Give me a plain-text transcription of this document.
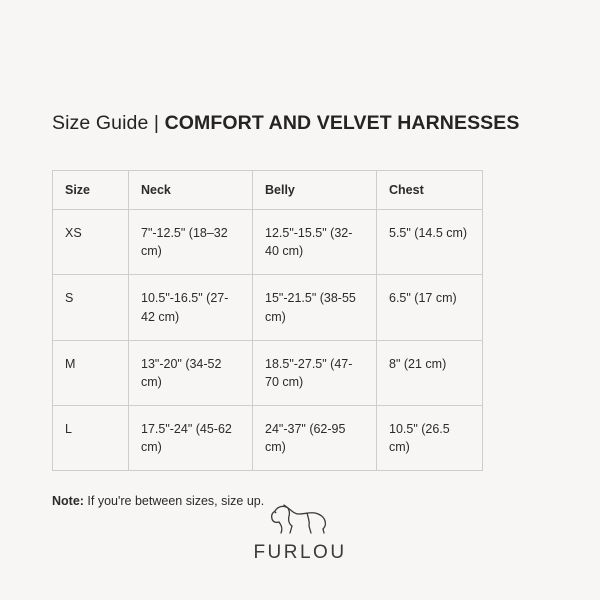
Size Guide | COMFORT AND VELVET HARNESSES
Size	Neck	Belly	Chest
XS	7"-12.5" (18–32 cm)	12.5"-15.5" (32-40 cm)	5.5" (14.5 cm)
S	10.5"-16.5" (27-42 cm)	15"-21.5" (38-55 cm)	6.5" (17 cm)
M	13"-20" (34-52 cm)	18.5"-27.5" (47-70 cm)	8" (21 cm)
L	17.5"-24" (45-62 cm)	24"-37" (62-95 cm)	10.5" (26.5 cm)

Note: If you're between sizes, size up.

FURLOU
